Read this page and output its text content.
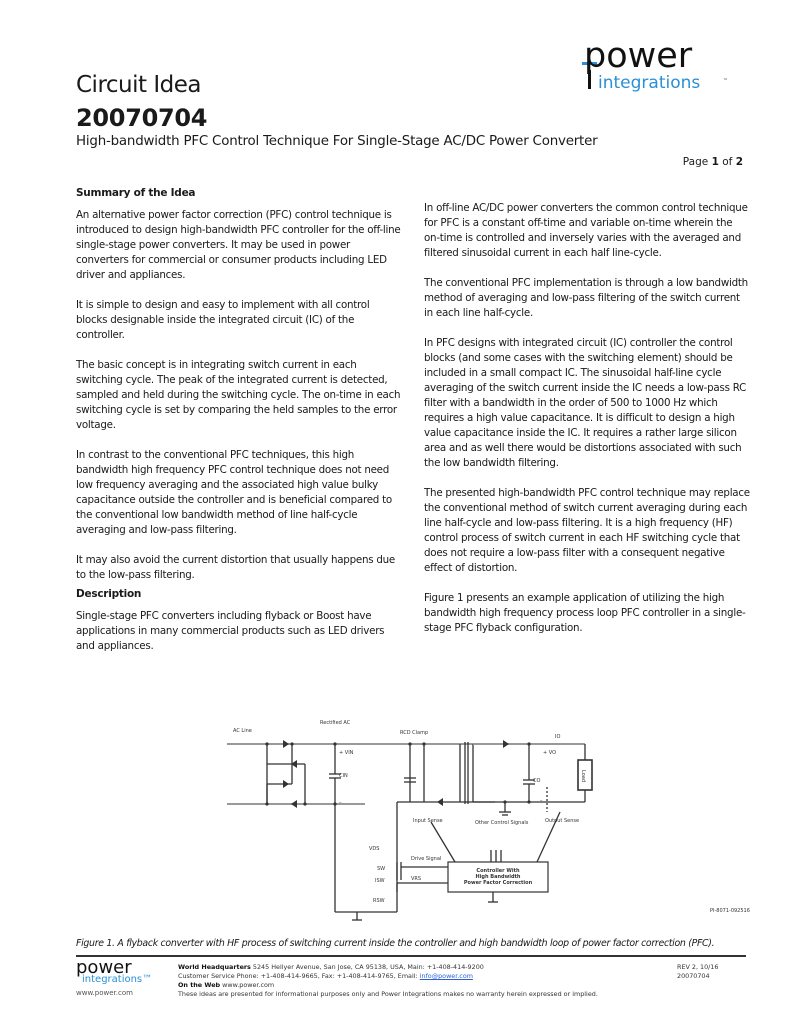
Circuit Idea
20070704
High-bandwidth PFC Control Technique For Single-Stage AC/DC Power Converter
Page 1 of 2
power
integrations	™

Summary of the Idea

An alternative power factor correction (PFC) control technique is introduced to design high-bandwidth PFC controller for the off-line single-stage power converters. It may be used in power converters for commercial or consumer products including LED driver and appliances.

It is simple to design and easy to implement with all control blocks designable inside the integrated circuit (IC) of the controller.

The basic concept is in integrating switch current in each switching cycle. The peak of the integrated current is detected, sampled and held during the switching cycle. The on-time in each switching cycle is set by comparing the held samples to the error voltage.

In contrast to the conventional PFC techniques, this high bandwidth high frequency PFC control technique does not need low frequency averaging and the associated high value bulky capacitance outside the controller and is beneficial compared to the conventional low bandwidth method of line half-cycle averaging and low-pass filtering.

It may also avoid the current distortion that usually happens due to the low-pass filtering.

Description

Single-stage PFC converters including flyback or Boost have applications in many commercial products such as LED drivers and appliances.

In off-line AC/DC power converters the common control technique for PFC is a constant off-time and variable on-time wherein the on-time is controlled and inversely varies with the averaged and filtered sinusoidal current in each half line-cycle.

The conventional PFC implementation is through a low bandwidth method of averaging and low-pass filtering of the switch current in each line half-cycle.

In PFC designs with integrated circuit (IC) controller the control blocks (and some cases with the switching element) should be included in a small compact IC. The sinusoidal half-line cycle averaging of the switch current inside the IC needs a low-pass RC filter with a bandwidth in the order of 500 to 1000 Hz which requires a high value capacitance. It is difficult to design a high value capacitance inside the IC. It requires a rather large silicon area and as well there would be distortions associated with such the low bandwidth filtering.

The presented high-bandwidth PFC control technique may replace the conventional method of switch current averaging during each line half-cycle and low-pass filtering. It is a high frequency (HF) control process of switch current in each HF switching cycle that does not require a low-pass filter with a consequent negative effect of distortion.

Figure 1 presents an example application of utilizing the high bandwidth high frequency process loop PFC controller in a single-stage PFC flyback configuration.

AC Line
Rectified AC
+ VIN
CIN
–
RCD Clamp
+ VO
IO
CO	Load
–
Input Sense	Other Control Signals	Output Sense
VDS
Drive Signal
SW
ISW	VRS
RSW
Controller With
High Bandwidth
Power Factor Correction
PI-8071-092516
Figure 1. A flyback converter with HF process of switching current inside the controller and high bandwidth loop of power factor correction (PFC).
power
integrations™
www.power.com
World Headquarters 5245 Hellyer Avenue, San Jose, CA 95138, USA, Main: +1-408-414-9200
Customer Service Phone: +1-408-414-9665, Fax: +1-408-414-9765, Email: info@power.com
On the Web www.power.com
These ideas are presented for informational purposes only and Power Integrations makes no warranty herein expressed or implied.
REV 2, 10/16
20070704
